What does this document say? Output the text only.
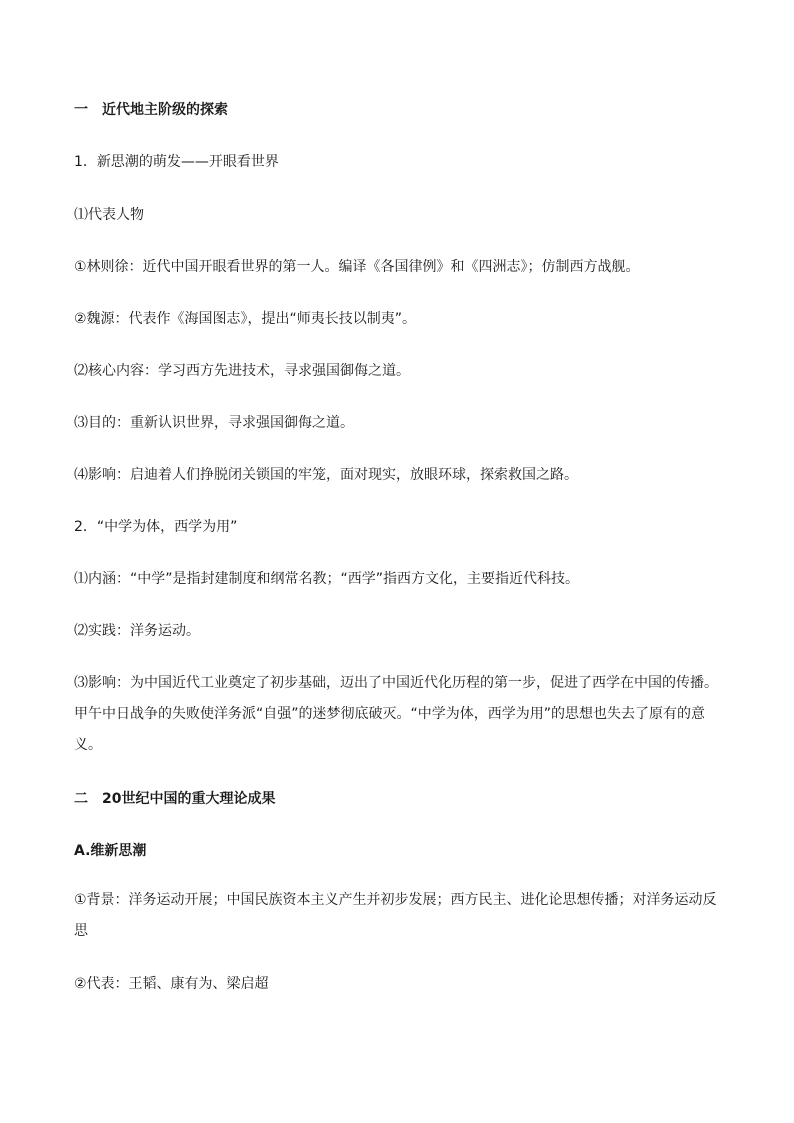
一　近代地主阶级的探索
1．新思潮的萌发——开眼看世界
⑴代表人物
①林则徐：近代中国开眼看世界的第一人。编译《各国律例》和《四洲志》；仿制西方战舰。
②魏源：代表作《海国图志》，提出“师夷长技以制夷”。
⑵核心内容：学习西方先进技术，寻求强国御侮之道。
⑶目的：重新认识世界，寻求强国御侮之道。
⑷影响：启迪着人们挣脱闭关锁国的牢笼，面对现实，放眼环球，探索救国之路。
2．“中学为体，西学为用”
⑴内涵：“中学”是指封建制度和纲常名教；“西学”指西方文化，主要指近代科技。
⑵实践：洋务运动。
⑶影响：为中国近代工业奠定了初步基础，迈出了中国近代化历程的第一步，促进了西学在中国的传播。甲午中日战争的失败使洋务派“自强”的迷梦彻底破灭。“中学为体，西学为用”的思想也失去了原有的意义。
二　20世纪中国的重大理论成果
A.维新思潮
①背景：洋务运动开展；中国民族资本主义产生并初步发展；西方民主、进化论思想传播；对洋务运动反思
②代表：王韬、康有为、梁启超
